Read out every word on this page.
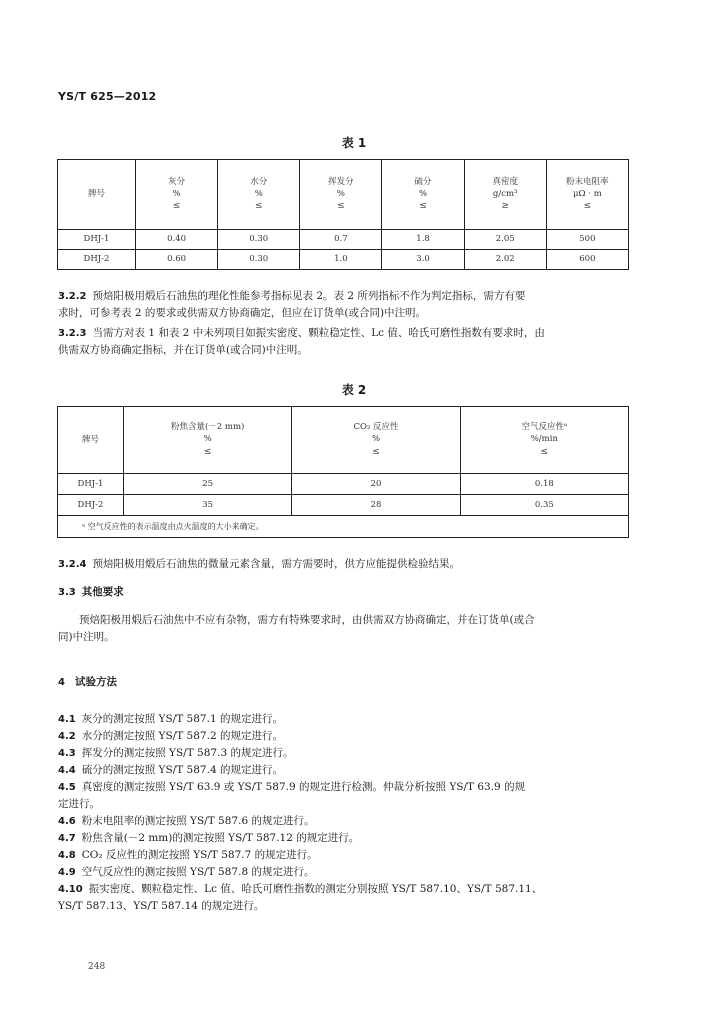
YS/T 625—2012
表 1
牌号	灰分
%
≤	水分
%
≤	挥发分
%
≤	硫分
%
≤	真密度
g/cm³
≥	粉末电阻率
μΩ · m
≤

DHJ-1	0.40	0.30	0.7	1.8	2.05	500
DHJ-2	0.60	0.30	1.0	3.0	2.02	600
3.2.2 预焙阳极用煅后石油焦的理化性能参考指标见表 2。表 2 所列指标不作为判定指标，需方有要
求时，可参考表 2 的要求或供需双方协商确定，但应在订货单(或合同)中注明。
3.2.3 当需方对表 1 和表 2 中未列项目如振实密度、颗粒稳定性、Lc 值、哈氏可磨性指数有要求时，由
供需双方协商确定指标，并在订货单(或合同)中注明。
表 2
牌号	粉焦含量(－2 mm)
%
≤	CO₂ 反应性
%
≤	空气反应性ᵃ
%/min
≤

DHJ-1	25	20	0.18
DHJ-2	35	28	0.35
ᵃ 空气反应性的表示温度由点火温度的大小来确定。			
3.2.4 预焙阳极用煅后石油焦的微量元素含量，需方需要时，供方应能提供检验结果。
3.3 其他要求
预焙阳极用煅后石油焦中不应有杂物，需方有特殊要求时，由供需双方协商确定，并在订货单(或合
同)中注明。
4 试验方法
4.1 灰分的测定按照 YS/T 587.1 的规定进行。
4.2 水分的测定按照 YS/T 587.2 的规定进行。
4.3 挥发分的测定按照 YS/T 587.3 的规定进行。
4.4 硫分的测定按照 YS/T 587.4 的规定进行。
4.5 真密度的测定按照 YS/T 63.9 或 YS/T 587.9 的规定进行检测。仲裁分析按照 YS/T 63.9 的规
定进行。
4.6 粉末电阻率的测定按照 YS/T 587.6 的规定进行。
4.7 粉焦含量(－2 mm)的测定按照 YS/T 587.12 的规定进行。
4.8 CO₂ 反应性的测定按照 YS/T 587.7 的规定进行。
4.9 空气反应性的测定按照 YS/T 587.8 的规定进行。
4.10 振实密度、颗粒稳定性、Lc 值、哈氏可磨性指数的测定分别按照 YS/T 587.10、YS/T 587.11、
YS/T 587.13、YS/T 587.14 的规定进行。
248
